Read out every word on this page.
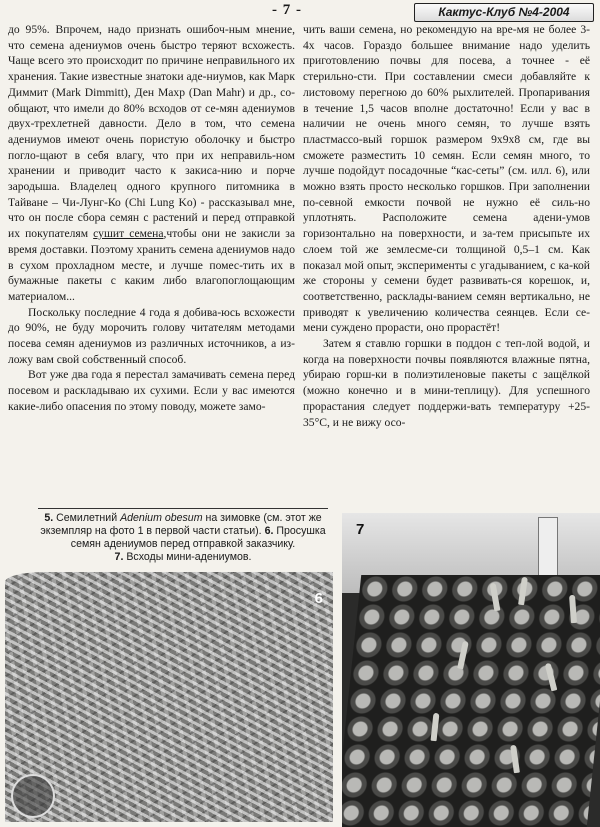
- 7 -	Кактус-Клуб №4-2004

до 95%. Впрочем, надо признать ошибоч-ным мнение, что семена адениумов очень быстро теряют всхожесть. Чаще всего это происходит по причине неправильного их хранения. Такие известные знатоки аде-ниумов, как Марк Диммит (Mark Dimmitt), Ден Махр (Dan Mahr) и др., со-общают, что имели до 80% всходов от се-мян адениумов двух-трехлетней давности. Дело в том, что семена адениумов имеют очень пористую оболочку и быстро погло-щают в себя влагу, что при их неправиль-ном хранении и приводит часто к закиса-нию и порче зародыша. Владелец одного крупного питомника в Тайване – Чи-Лунг-Ко (Chi Lung Ko) - рассказывал мне, что он после сбора семян с растений и перед отправкой их покупателям сушит семена,чтобы они не закисли за время доставки. Поэтому хранить семена адениумов надо в сухом прохладном месте, и лучше помес-тить их в бумажные пакеты с каким либо влагопоглощающим материалом...

Поскольку последние 4 года я добива-юсь всхожести до 90%, не буду морочить голову читателям методами посева семян адениумов из различных источников, а из-ложу вам свой собственный способ.

Вот уже два года я перестал замачивать семена перед посевом и раскладываю их сухими. Если у вас имеются какие-либо опасения по этому поводу, можете замо-

чить ваши семена, но рекомендую на вре-мя не более 3-4х часов. Гораздо большее внимание надо уделить приготовлению почвы для посева, а точнее - её стерильно-сти. При составлении смеси добавляйте к листовому перегною до 60% рыхлителей. Пропаривания в течение 1,5 часов вполне достаточно! Если у вас в наличии не очень много семян, то лучше взять пластмассо-вый горшок размером 9х9х8 см, где вы сможете разместить 10 семян. Если семян много, то лучше подойдут посадочные “кас-сеты” (см. илл. 6), или можно взять просто несколько горшков. При заполнении по-севной емкости почвой не нужно её силь-но уплотнять. Расположите семена адени-умов горизонтально на поверхности, и за-тем присыпьте их слоем той же землесме-си толщиной 0,5–1 см. Как показал мой опыт, эксперименты с угадыванием, с ка-кой же стороны у семени будет развивать-ся корешок, и, соответственно, расклады-ванием семян вертикально, не приводят к увеличению количества сеянцев. Если се-мени суждено прорасти, оно прорастёт!

Затем я ставлю горшки в поддон с теп-лой водой, и когда на поверхности почвы появляются влажные пятна, убираю горш-ки в полиэтиленовые пакеты с защёлкой (можно конечно и в мини-теплицу). Для успешного прорастания следует поддержи-вать температуру +25-35°С, и не вижу осо-

5. Семилетний Adenium obesum на зимовке (см. этот же экземпляр на фото 1 в первой части статьи). 6. Просушка семян адениумов перед отправкой заказчику.
7. Всходы мини-адениумов.
6
7
